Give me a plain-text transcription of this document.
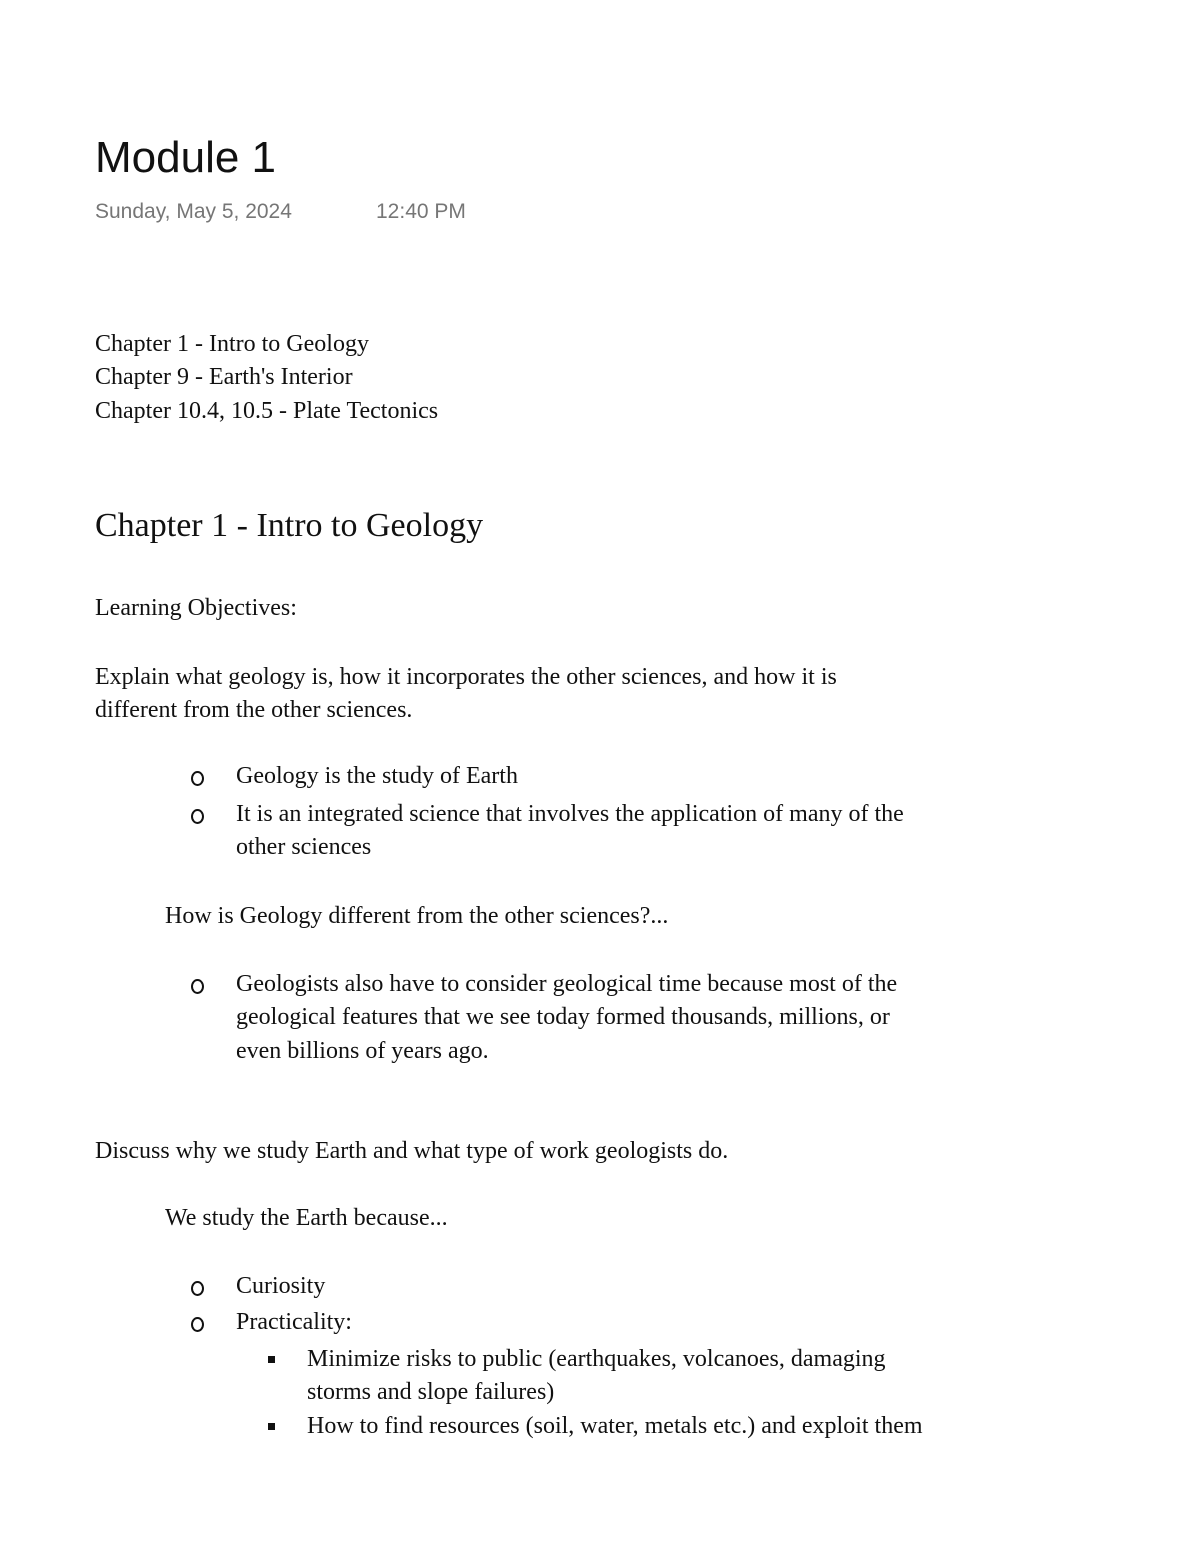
Module 1
Sunday, May 5, 2024	12:40 PM
Chapter 1 - Intro to Geology
Chapter 9 - Earth's Interior
Chapter 10.4, 10.5 - Plate Tectonics
Chapter 1 - Intro to Geology
Learning Objectives:
Explain what geology is, how it incorporates the other sciences, and how it is
different from the other sciences.
Geology is the study of Earth
It is an integrated science that involves the application of many of the
other sciences
How is Geology different from the other sciences?...
Geologists also have to consider geological time because most of the
geological features that we see today formed thousands, millions, or
even billions of years ago.
Discuss why we study Earth and what type of work geologists do.
We study the Earth because...
Curiosity
Practicality:
Minimize risks to public (earthquakes, volcanoes, damaging
storms and slope failures)
How to find resources (soil, water, metals etc.) and exploit them
